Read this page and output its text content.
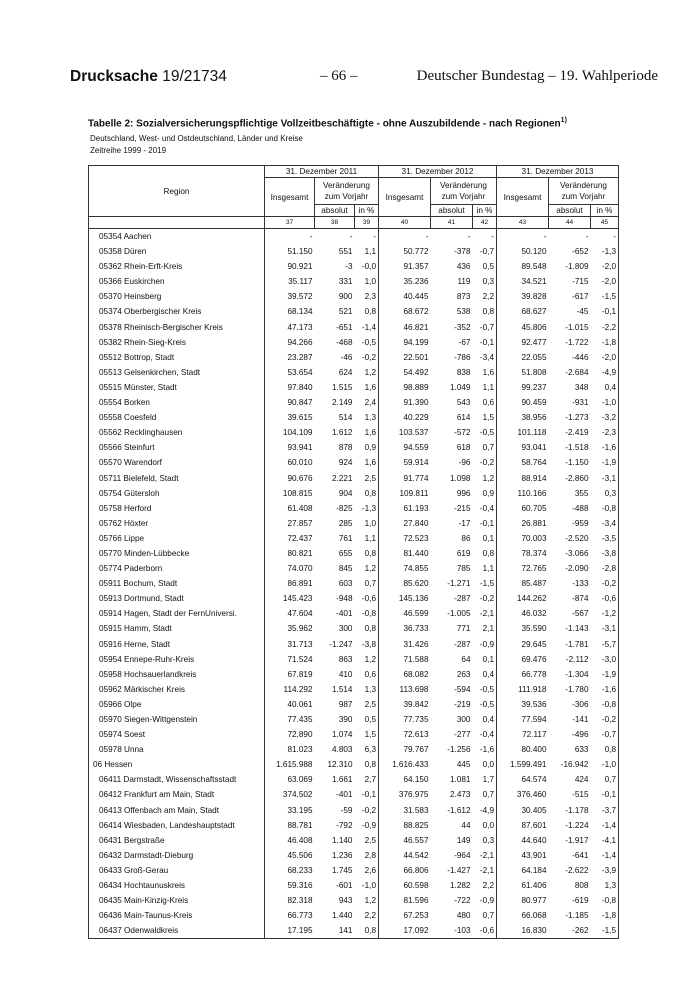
Drucksache 19/21734	– 66 –	Deutscher Bundestag – 19. Wahlperiode
Tabelle 2: Sozialversicherungspflichtige Vollzeitbeschäftigte - ohne Auszubildende - nach Regionen$^{1)}$
Deutschland, West- und Ostdeutschland, Länder und Kreise
Zeitreihe 1999 - 2019
Region	31. Dezember 2011			31. Dezember 2012			31. Dezember 2013		
	Insgesamt	Veränderung zum Vorjahr		Insgesamt	Veränderung zum Vorjahr		Insgesamt	Veränderung zum Vorjahr	
		absolut	in %		absolut	in %		absolut	in %
	37	38	39	40	41	42	43	44	45
05354 Aachen	-	-	-	-	-	-	-	-	-
05358 Düren	51.150	551	1,1	50.772	-378	-0,7	50.120	-652	-1,3
05362 Rhein-Erft-Kreis	90.921	-3	-0,0	91.357	436	0,5	89.548	-1.809	-2,0
05366 Euskirchen	35.117	331	1,0	35.236	119	0,3	34.521	-715	-2,0
05370 Heinsberg	39.572	900	2,3	40.445	873	2,2	39.828	-617	-1,5
05374 Oberbergischer Kreis	68.134	521	0,8	68.672	538	0,8	68.627	-45	-0,1
05378 Rheinisch-Bergischer Kreis	47.173	-651	-1,4	46.821	-352	-0,7	45.806	-1.015	-2,2
05382 Rhein-Sieg-Kreis	94.266	-468	-0,5	94.199	-67	-0,1	92.477	-1.722	-1,8
05512 Bottrop, Stadt	23.287	-46	-0,2	22.501	-786	-3,4	22.055	-446	-2,0
05513 Gelsenkirchen, Stadt	53.654	624	1,2	54.492	838	1,6	51.808	-2.684	-4,9
05515 Münster, Stadt	97.840	1.515	1,6	98.889	1.049	1,1	99.237	348	0,4
05554 Borken	90.847	2.149	2,4	91.390	543	0,6	90.459	-931	-1,0
05558 Coesfeld	39.615	514	1,3	40.229	614	1,5	38.956	-1.273	-3,2
05562 Recklinghausen	104.109	1.612	1,6	103.537	-572	-0,5	101.118	-2.419	-2,3
05566 Steinfurt	93.941	878	0,9	94.559	618	0,7	93.041	-1.518	-1,6
05570 Warendorf	60.010	924	1,6	59.914	-96	-0,2	58.764	-1.150	-1,9
05711 Bielefeld, Stadt	90.676	2.221	2,5	91.774	1.098	1,2	88.914	-2.860	-3,1
05754 Gütersloh	108.815	904	0,8	109.811	996	0,9	110.166	355	0,3
05758 Herford	61.408	-825	-1,3	61.193	-215	-0,4	60.705	-488	-0,8
05762 Höxter	27.857	285	1,0	27.840	-17	-0,1	26.881	-959	-3,4
05766 Lippe	72.437	761	1,1	72.523	86	0,1	70.003	-2.520	-3,5
05770 Minden-Lübbecke	80.821	655	0,8	81.440	619	0,8	78.374	-3.066	-3,8
05774 Paderborn	74.070	845	1,2	74.855	785	1,1	72.765	-2.090	-2,8
05911 Bochum, Stadt	86.891	603	0,7	85.620	-1.271	-1,5	85.487	-133	-0,2
05913 Dortmund, Stadt	145.423	-948	-0,6	145.136	-287	-0,2	144.262	-874	-0,6
05914 Hagen, Stadt der FernUniversi.	47.604	-401	-0,8	46.599	-1.005	-2,1	46.032	-567	-1,2
05915 Hamm, Stadt	35.962	300	0,8	36.733	771	2,1	35.590	-1.143	-3,1
05916 Herne, Stadt	31.713	-1.247	-3,8	31.426	-287	-0,9	29.645	-1.781	-5,7
05954 Ennepe-Ruhr-Kreis	71.524	863	1,2	71.588	64	0,1	69.476	-2.112	-3,0
05958 Hochsauerlandkreis	67.819	410	0,6	68.082	263	0,4	66.778	-1.304	-1,9
05962 Märkischer Kreis	114.292	1.514	1,3	113.698	-594	-0,5	111.918	-1.780	-1,6
05966 Olpe	40.061	987	2,5	39.842	-219	-0,5	39.536	-306	-0,8
05970 Siegen-Wittgenstein	77.435	390	0,5	77.735	300	0,4	77.594	-141	-0,2
05974 Soest	72.890	1.074	1,5	72.613	-277	-0,4	72.117	-496	-0,7
05978 Unna	81.023	4.803	6,3	79.767	-1.256	-1,6	80.400	633	0,8
06 Hessen	1.615.988	12.310	0,8	1.616.433	445	0,0	1.599.491	-16.942	-1,0
06411 Darmstadt, Wissenschaftsstadt	63.069	1.661	2,7	64.150	1.081	1,7	64.574	424	0,7
06412 Frankfurt am Main, Stadt	374.502	-401	-0,1	376.975	2.473	0,7	376.460	-515	-0,1
06413 Offenbach am Main, Stadt	33.195	-59	-0,2	31.583	-1.612	-4,9	30.405	-1.178	-3,7
06414 Wiesbaden, Landeshauptstadt	88.781	-792	-0,9	88.825	44	0,0	87.601	-1.224	-1,4
06431 Bergstraße	46.408	1.140	2,5	46.557	149	0,3	44.640	-1.917	-4,1
06432 Darmstadt-Dieburg	45.506	1.236	2,8	44.542	-964	-2,1	43.901	-641	-1,4
06433 Groß-Gerau	68.233	1.745	2,6	66.806	-1.427	-2,1	64.184	-2.622	-3,9
06434 Hochtaunuskreis	59.316	-601	-1,0	60.598	1.282	2,2	61.406	808	1,3
06435 Main-Kinzig-Kreis	82.318	943	1,2	81.596	-722	-0,9	80.977	-619	-0,8
06436 Main-Taunus-Kreis	66.773	1.440	2,2	67.253	480	0,7	66.068	-1.185	-1,8
06437 Odenwaldkreis	17.195	141	0,8	17.092	-103	-0,6	16.830	-262	-1,5
